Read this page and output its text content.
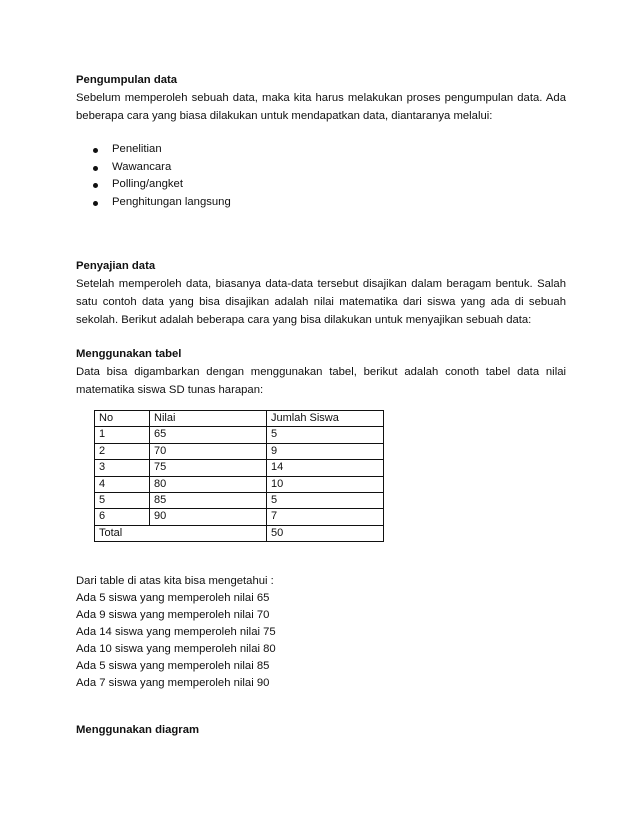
Pengumpulan data

Sebelum memperoleh sebuah data, maka kita harus melakukan proses pengumpulan data. Ada beberapa cara yang biasa dilakukan untuk mendapatkan data, diantaranya melalui:

Penelitian
Wawancara
Polling/angket
Penghitungan langsung

Penyajian data

Setelah memperoleh data, biasanya data-data tersebut disajikan dalam beragam bentuk. Salah satu contoh data yang bisa disajikan adalah nilai matematika dari siswa yang ada di sebuah sekolah. Berikut adalah beberapa cara yang bisa dilakukan untuk menyajikan sebuah data:

Menggunakan tabel

Data bisa digambarkan dengan menggunakan tabel, berikut adalah conoth tabel data nilai matematika siswa SD tunas harapan:

No	Nilai	Jumlah Siswa
1	65	5
2	70	9
3	75	14
4	80	10
5	85	5
6	90	7
Total		50
Dari table di atas kita bisa mengetahui :
Ada 5 siswa yang memperoleh nilai 65
Ada 9 siswa yang memperoleh nilai 70
Ada 14 siswa yang memperoleh nilai 75
Ada 10 siswa yang memperoleh nilai 80
Ada 5 siswa yang memperoleh nilai 85
Ada 7 siswa yang memperoleh nilai 90

Menggunakan diagram
